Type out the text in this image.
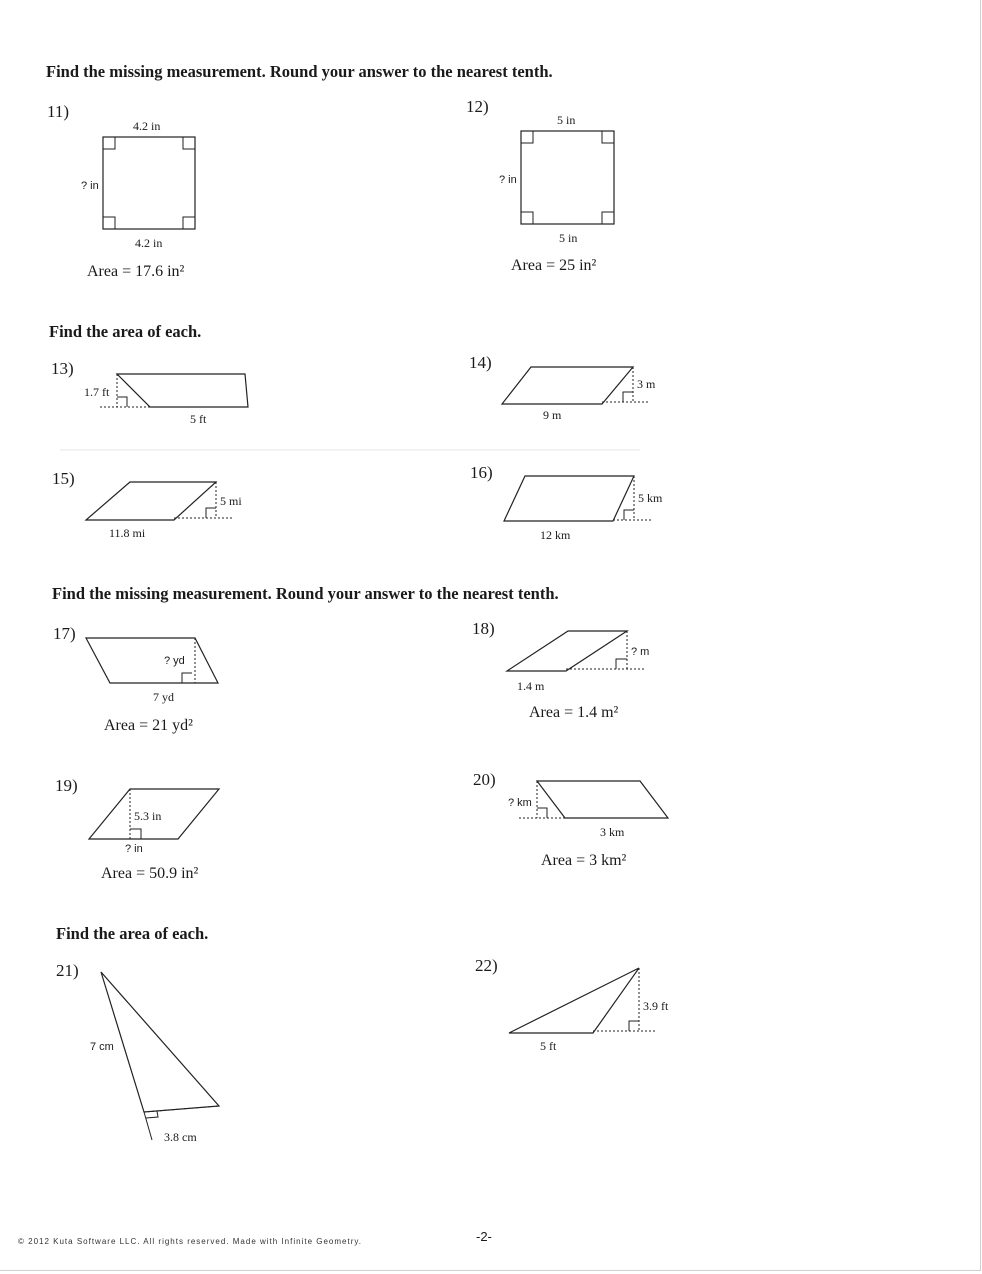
Find the missing measurement. Round your answer to the nearest tenth.
Find the area of each.
Find the missing measurement. Round your answer to the nearest tenth.
Find the area of each.
11)	12)
13)	14)
15)	16)
17)	18)
19)	20)
21)	22)
4.2 in
? in
4.2 in
Area = 17.6 in²
5 in
? in
5 in
Area = 25 in²
1.7 ft
5 ft
3 m
9 m
5 mi
11.8 mi
5 km
12 km
? yd
7 yd
Area = 21 yd²
? m
1.4 m
Area = 1.4 m²
5.3 in
? in
Area = 50.9 in²
? km
3 km
Area = 3 km²
7 cm
3.8 cm
3.9 ft
5 ft
© 2012 Kuta Software LLC. All rights reserved. Made with Infinite Geometry.	-2-
